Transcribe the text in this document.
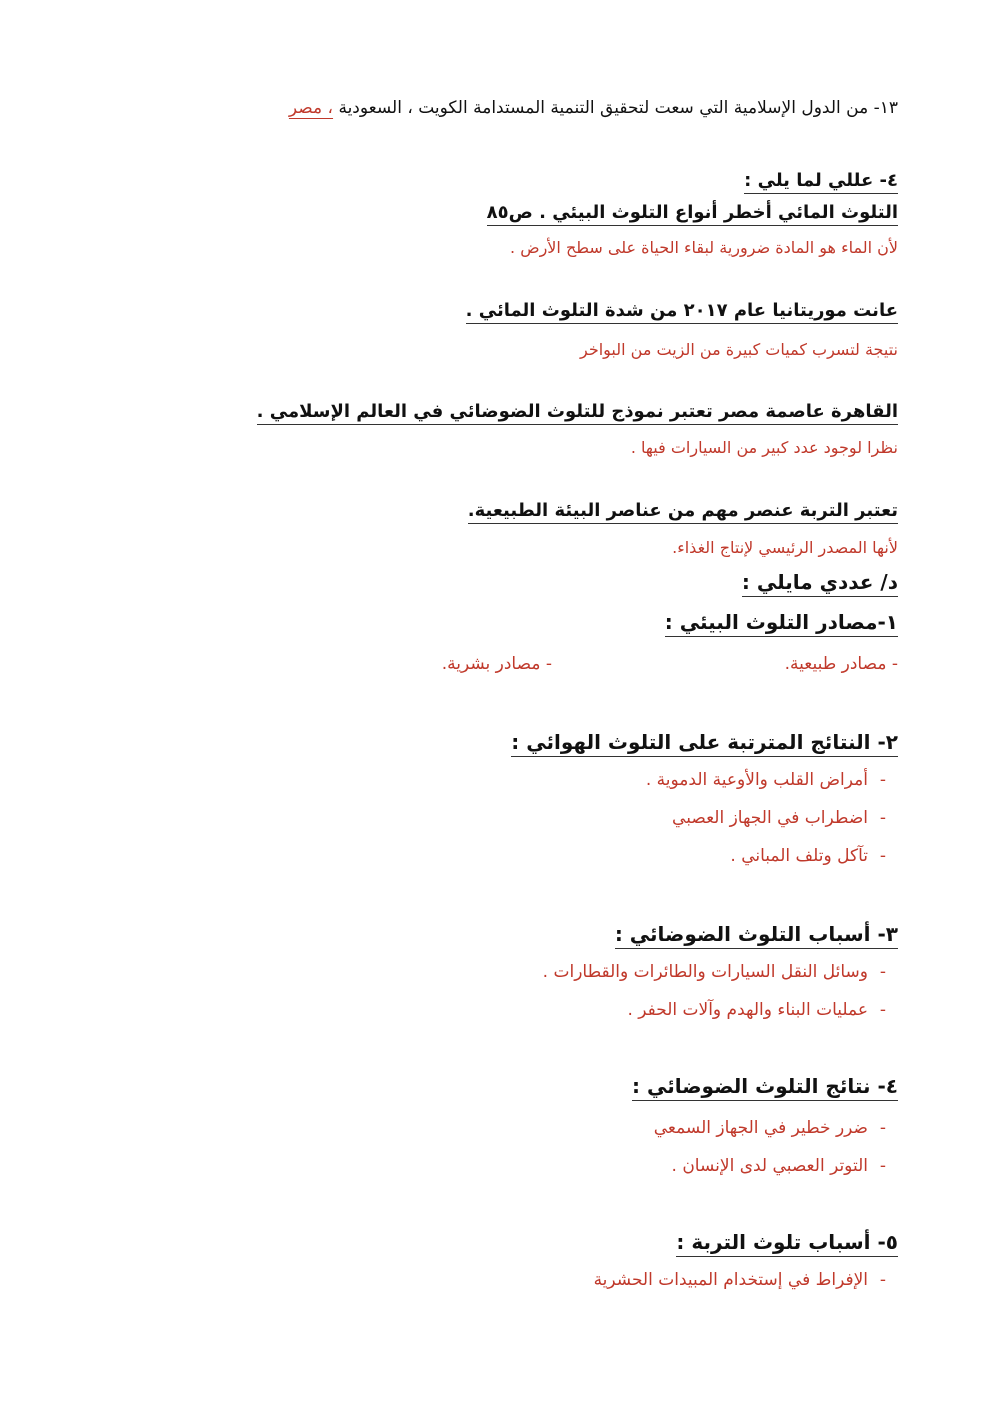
١٣- من الدول الإسلامية التي سعت لتحقيق التنمية المستدامة الكويت ، السعودية ، مصر
٤- عللي لما يلي :
التلوث المائي أخطر أنواع التلوث البيئي . ص٨٥
لأن الماء هو المادة ضرورية لبقاء الحياة على سطح الأرض .
عانت موريتانيا عام ٢٠١٧ من شدة التلوث المائي .
نتيجة لتسرب كميات كبيرة من الزيت من البواخر
القاهرة عاصمة مصر تعتبر نموذج للتلوث الضوضائي في العالم الإسلامي .
نظرا لوجود عدد كبير من السيارات فيها .
تعتبر التربة عنصر مهم من عناصر البيئة الطبيعية.
لأنها المصدر الرئيسي لإنتاج الغذاء.
د/ عددي مايلي :
١-مصادر التلوث البيئي :
- مصادر طبيعية.
- مصادر بشرية.
٢- النتائج المترتبة على التلوث الهوائي :
-أمراض القلب والأوعية الدموية .
-اضطراب في الجهاز العصبي
-تآكل وتلف المباني .
٣- أسباب التلوث الضوضائي :
-وسائل النقل السيارات والطائرات والقطارات .
-عمليات البناء والهدم وآلات الحفر .
٤- نتائج التلوث الضوضائي :
-ضرر خطير في الجهاز السمعي
-التوتر العصبي لدى الإنسان .
٥- أسباب تلوث التربة :
-الإفراط في إستخدام المبيدات الحشرية
